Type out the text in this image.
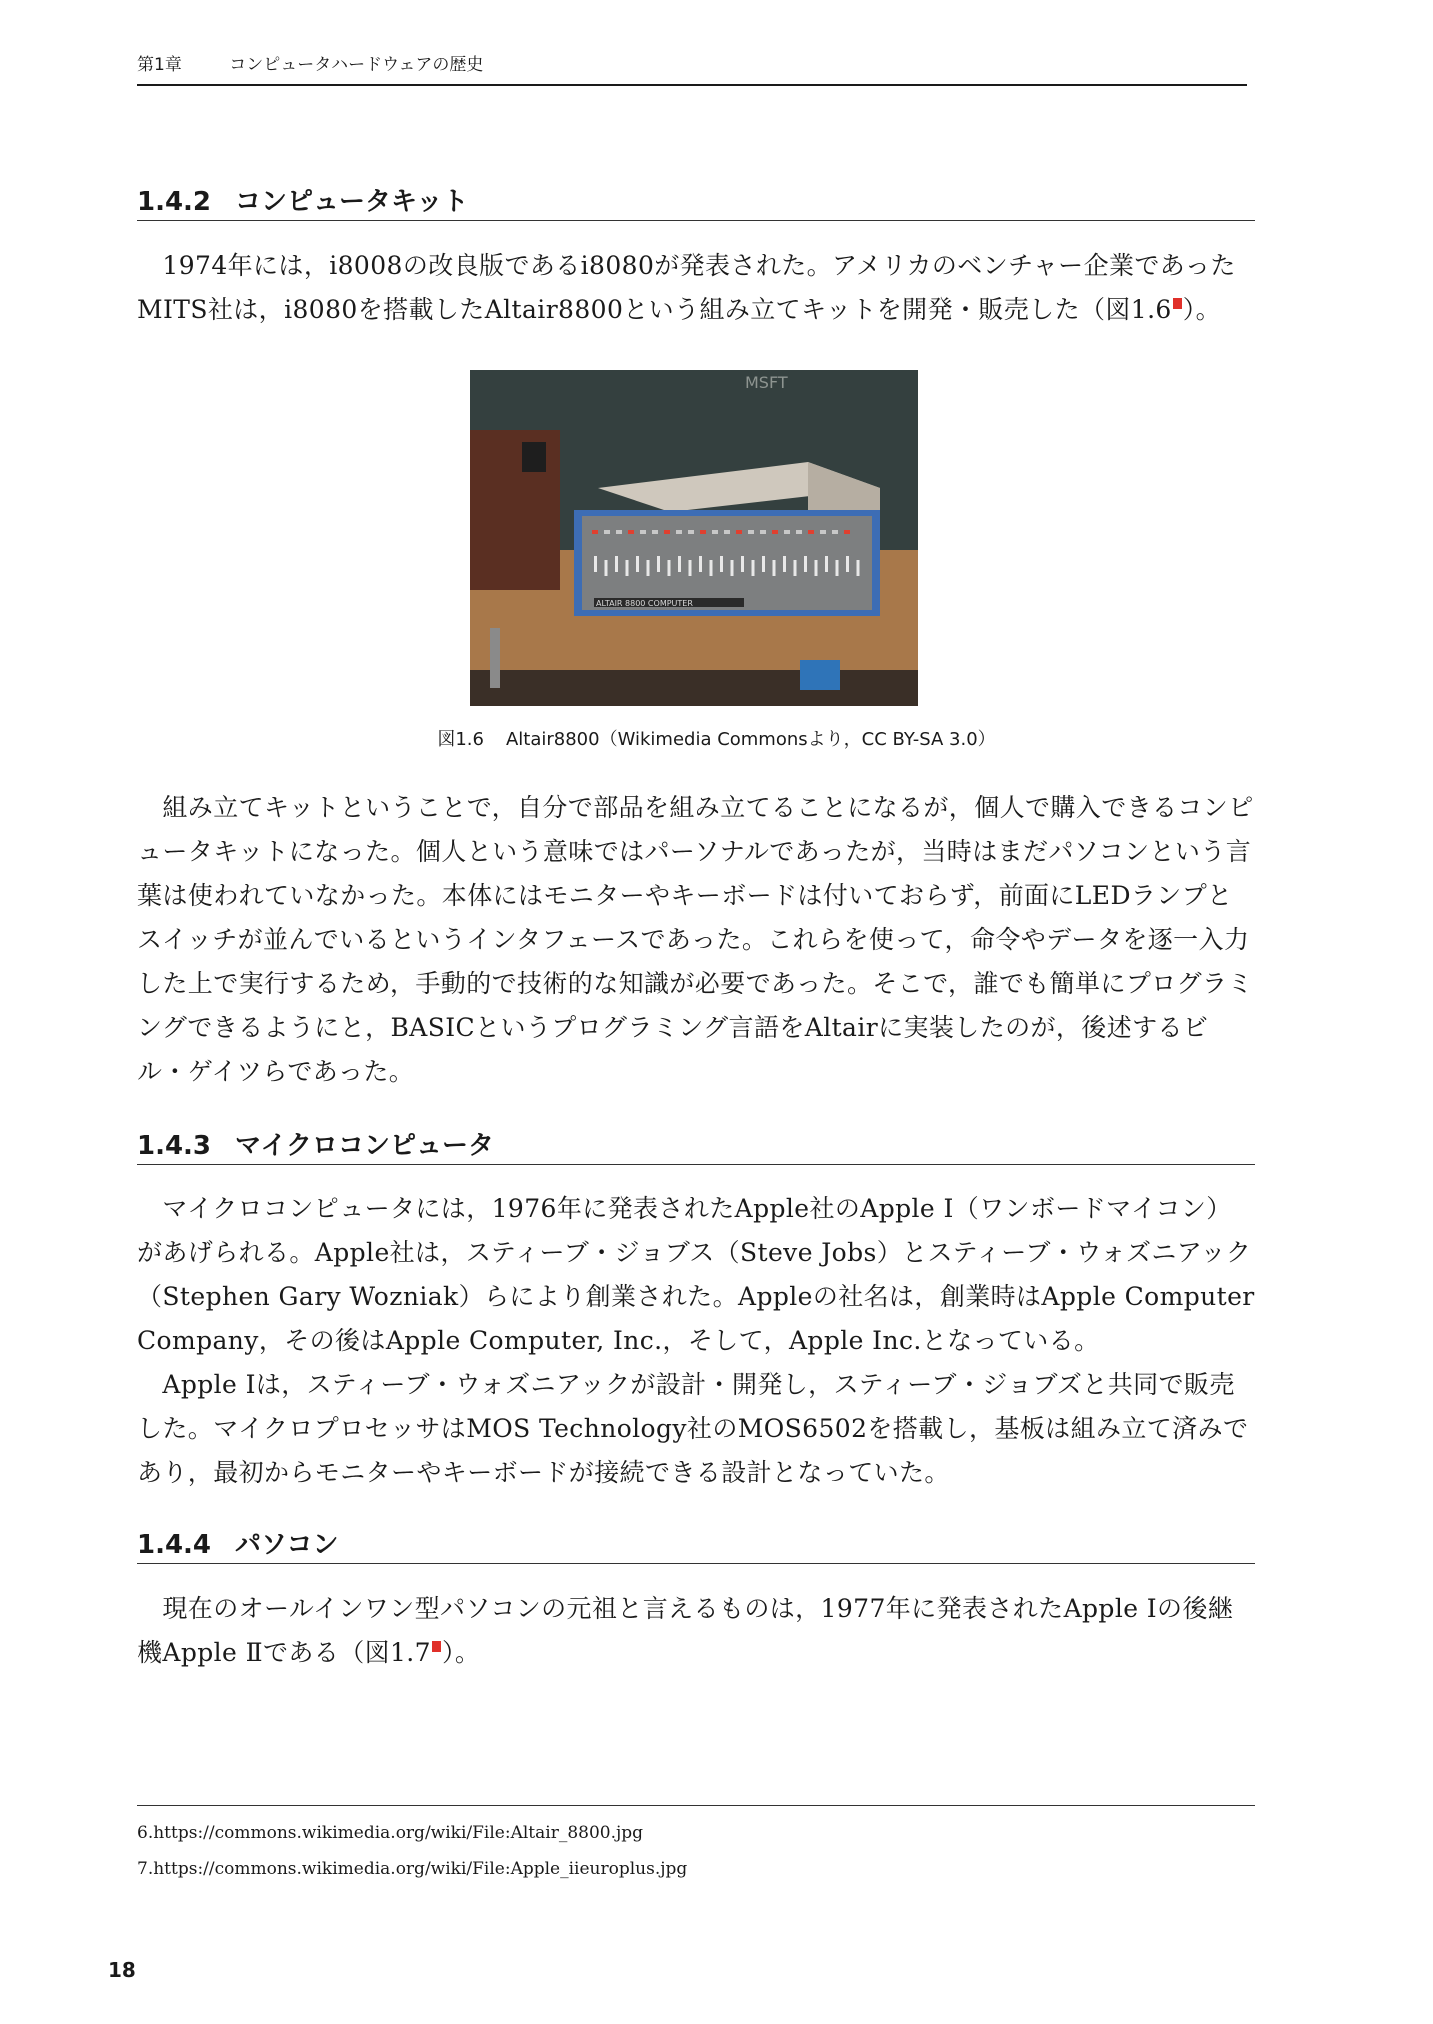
第1章	コンピュータハードウェアの歴史
1.4.2 コンピュータキット

　1974年には，i8008の改良版であるi8080が発表された。アメリカのベンチャー企業であったMITS社は，i8080を搭載したAltair8800という組み立てキットを開発・販売した（図1.6 ）。

MSFT
ALTAIR 8800 COMPUTER
図1.6 Altair8800（Wikimedia Commonsより，CC BY-SA 3.0）

　組み立てキットということで，自分で部品を組み立てることになるが，個人で購入できるコンピュータキットになった。個人という意味ではパーソナルであったが，当時はまだパソコンという言葉は使われていなかった。本体にはモニターやキーボードは付いておらず，前面にLEDランプとスイッチが並んでいるというインタフェースであった。これらを使って，命令やデータを逐一入力した上で実行するため，手動的で技術的な知識が必要であった。そこで，誰でも簡単にプログラミングできるようにと，BASICというプログラミング言語をAltairに実装したのが，後述するビル・ゲイツらであった。

1.4.3 マイクロコンピュータ

　マイクロコンピュータには，1976年に発表されたApple社のApple Ⅰ（ワンボードマイコン）があげられる。Apple社は，スティーブ・ジョブス（Steve Jobs）とスティーブ・ウォズニアック（Stephen Gary Wozniak）らにより創業された。Appleの社名は，創業時はApple Computer Company，その後はApple Computer, Inc.，そして，Apple Inc.となっている。

　Apple Ⅰは，スティーブ・ウォズニアックが設計・開発し，スティーブ・ジョブズと共同で販売した。マイクロプロセッサはMOS Technology社のMOS6502を搭載し，基板は組み立て済みであり，最初からモニターやキーボードが接続できる設計となっていた。

1.4.4 パソコン

　現在のオールインワン型パソコンの元祖と言えるものは，1977年に発表されたApple Ⅰの後継機Apple Ⅱである（図1.7 ）。

6.https://commons.wikimedia.org/wiki/File:Altair_8800.jpg
7.https://commons.wikimedia.org/wiki/File:Apple_iieuroplus.jpg
18
